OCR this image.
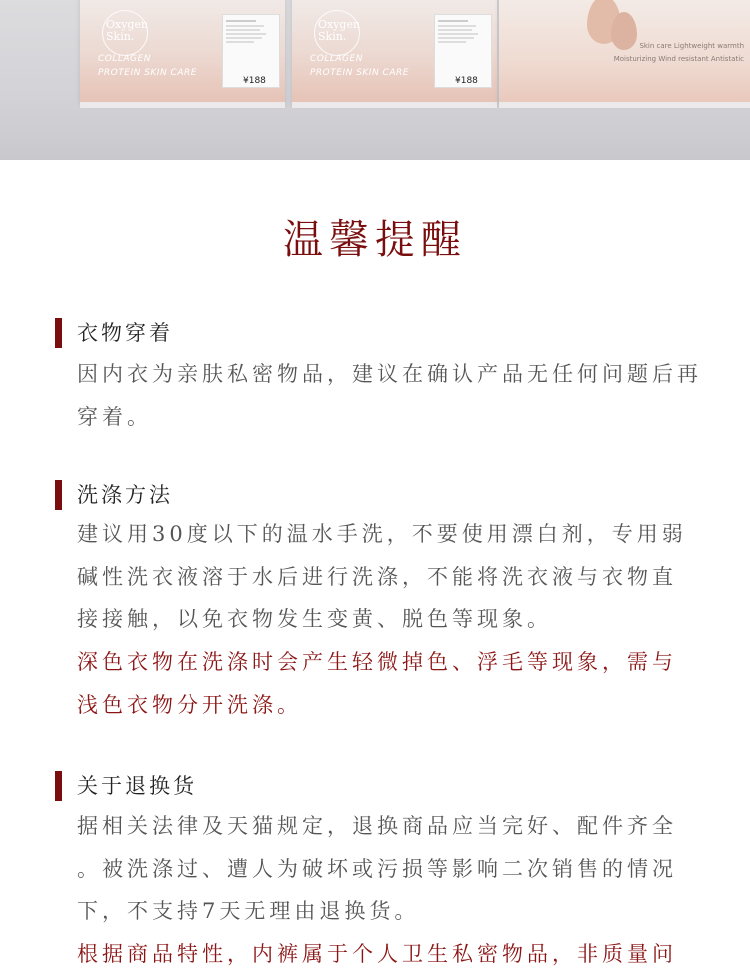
Oxygen
Skin.
COLLAGEN
PROTEIN SKIN CARE
¥188
Oxygen
Skin.
COLLAGEN
PROTEIN SKIN CARE
¥188
Skin care Lightweight warmth
Moisturizing Wind resistant Antistatic
温馨提醒
衣物穿着
因内衣为亲肤私密物品，建议在确认产品无任何问题后再
穿着。
洗涤方法
建议用30度以下的温水手洗，不要使用漂白剂，专用弱
碱性洗衣液溶于水后进行洗涤，不能将洗衣液与衣物直
接接触，以免衣物发生变黄、脱色等现象。
深色衣物在洗涤时会产生轻微掉色、浮毛等现象，需与
浅色衣物分开洗涤。
关于退换货
据相关法律及天猫规定，退换商品应当完好、配件齐全
。被洗涤过、遭人为破坏或污损等影响二次销售的情况
下，不支持7天无理由退换货。
根据商品特性，内裤属于个人卫生私密物品，非质量问
